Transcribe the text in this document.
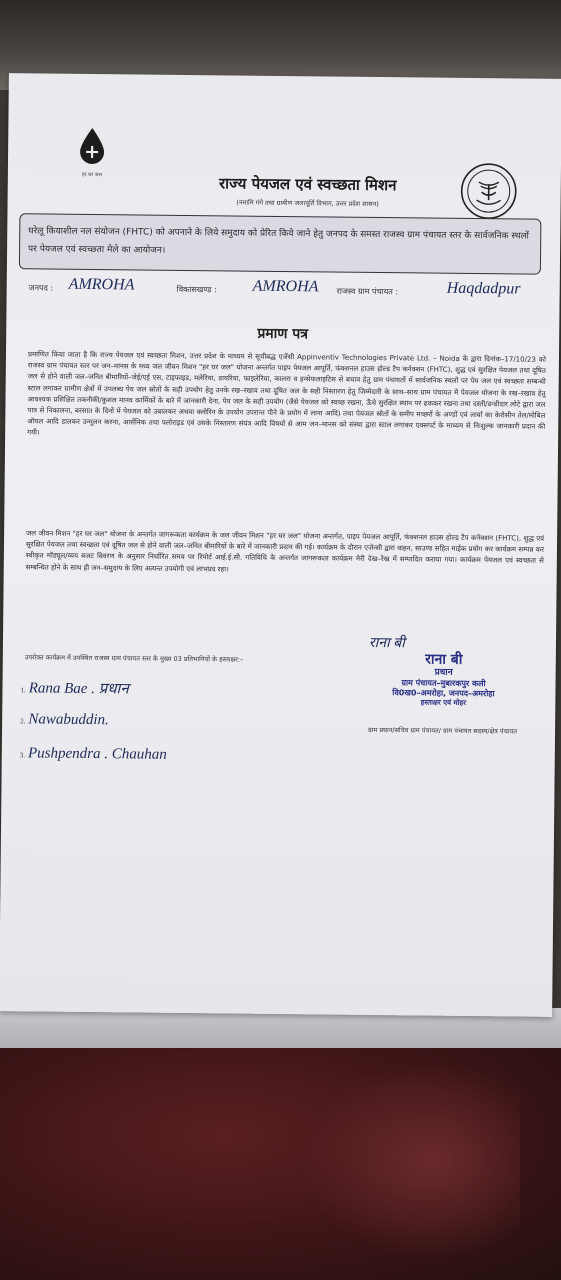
हर घर जल	राज्य पेयजल एवं स्वच्छता मिशन
(नमामि गंगे तथा ग्रामीण जलापूर्ति विभाग, उत्तर प्रदेश शासन)
घरेलू कियाशील नल संयोजन (FHTC) को अपनाने के लिये समुदाय को प्रेरित किये जाने हेतु जनपद के समस्त राजस्व ग्राम पंचायत स्तर के सार्वजनिक स्थलों पर पेयजल एवं स्वच्छता मेले का आयोजन।
जनपद : AMROHA	विकासखण्ड : AMROHA राजस्व ग्राम पंचायत :	Haqdadpur
प्रमाण पत्र
प्रमाणित किया जाता है कि राज्य पेयजल एवं स्वच्छता मिशन, उत्तर प्रदेश के माध्यम से सूचीबद्ध एजेंसी Appinventiv Technologies Private Ltd. – Noida के द्वारा दिनांक–17/10/23 को राजस्व ग्राम पंचायत स्तर पर जन–मानस के मध्य जल जीवन मिशन "हर घर जल" योजना अन्तर्गत पाइप पेयजल आपूर्ति, फंक्शनल हाउस होल्ड टैप कनेक्शन (FHTC), शुद्ध एवं सुरक्षित पेयजल तथा दूषित जल से होने वाली जल–जनित बीमारियों–जेई/एई एस, टाइफाइड, मलेरिया, डायरिया, फाइलेरिया, कालरा व इन्सेफलाइटिस से बचाव हेतु ग्राम पंचायतों में सार्वजनिक स्थलों पर पेय जल एवं स्वच्छता सम्बन्धी स्टाल लगाकर ग्रामीण क्षेत्रों में उपलब्ध पेय जल स्रोतों के सही उपयोग हेतु उनके रख–रखाव तथा दूषित जल के सही निस्तारण हेतु जिम्मेदारी के साथ–साथ ग्राम पंचायत में पेयजल योजना के रख–रखाव हेतु आवश्यक प्रशिक्षित तकनीकी/कुशल मानव कार्मिकों के बारे में जानकारी देना, पेय जल के सही उपयोग (जैसे पेयजल को स्वच्छ रखना, ऊँचे सुरक्षित स्थान पर ढककर रखना तथा दस्ती/डन्डीदार लोटे द्वारा जल पात्र से निकालना, बरसात के दिनों में पेयजल को उबालकर अथवा क्लोरिन के उपयोग उपरान्त पीने के प्रयोग में लाना आदि) तथा पेयजल स्रोतों के समीप मच्छरों के अण्डों एवं लार्वा का केरोसीन तेल/मोबिल ऑयल आदि डालकर उन्मूलन करना, आर्सेनिक तथा फ्लोराइड एवं उसके निस्तारण संयंत्र आदि विषयों से आम जन–मानस को संस्था द्वारा स्टाल लगाकर एक्सपर्ट के माध्यम से निःशुल्क जानकारी प्रदान की गयी।
जल जीवन मिशन "हर घर जल" योजना के अन्तर्गत जागरूकता कार्यक्रम के जल जीवन मिशन "हर घर जल" योजना अन्तर्गत, पाइप पेयजल आपूर्ति, फंक्शनल हाउस होल्ड टैप कनेक्शन (FHTC), शुद्ध एवं सुरक्षित पेयजल तथा स्वच्छता एवं दूषित जल से होने वाली जल–जनित बीमारियों के बारे में जानकारी प्रदान की गई। कार्यक्रम के दौरान एजेन्सी द्वारा वाहन, साउण्ड सहित माईक प्रयोग कर कार्यक्रम सम्पन्न कर स्वीकृत मॉड्यूल/व्यय बजट विवरण के अनुसार निर्धारित समय पर रिपोर्ट आई.ई.सी. गतिविधि के अन्तर्गत जागरूकता कार्यक्रम मेरी देख–रेख में सम्पादित कराया गया। कार्यक्रम पेयजल एवं स्वच्छता से सम्बन्धित होने के साथ ही जन–समुदाय के लिए अत्यन्त उपयोगी एवं लाभप्रद रहा।
उपरोक्त कार्यक्रम में उपस्थित राजस्व ग्राम पंचायत स्तर के मुख्य 03 प्रतिभागियों के हस्ताक्षर:–
1. Rana Bae . प्रधान
2. Nawabuddin.
3. Pushpendra . Chauhan
राना बी
राना बी
प्रधान
ग्राम पंचायत–मुबारकपुर कली
वि0ख0–अमरोहा, जनपद–अमरोहा
हस्ताक्षर एवं मोहर
ग्राम प्रधान/सचिव ग्राम पंचायत/ ग्राम पंचायत सदस्य/क्षेत्र पंचायत
